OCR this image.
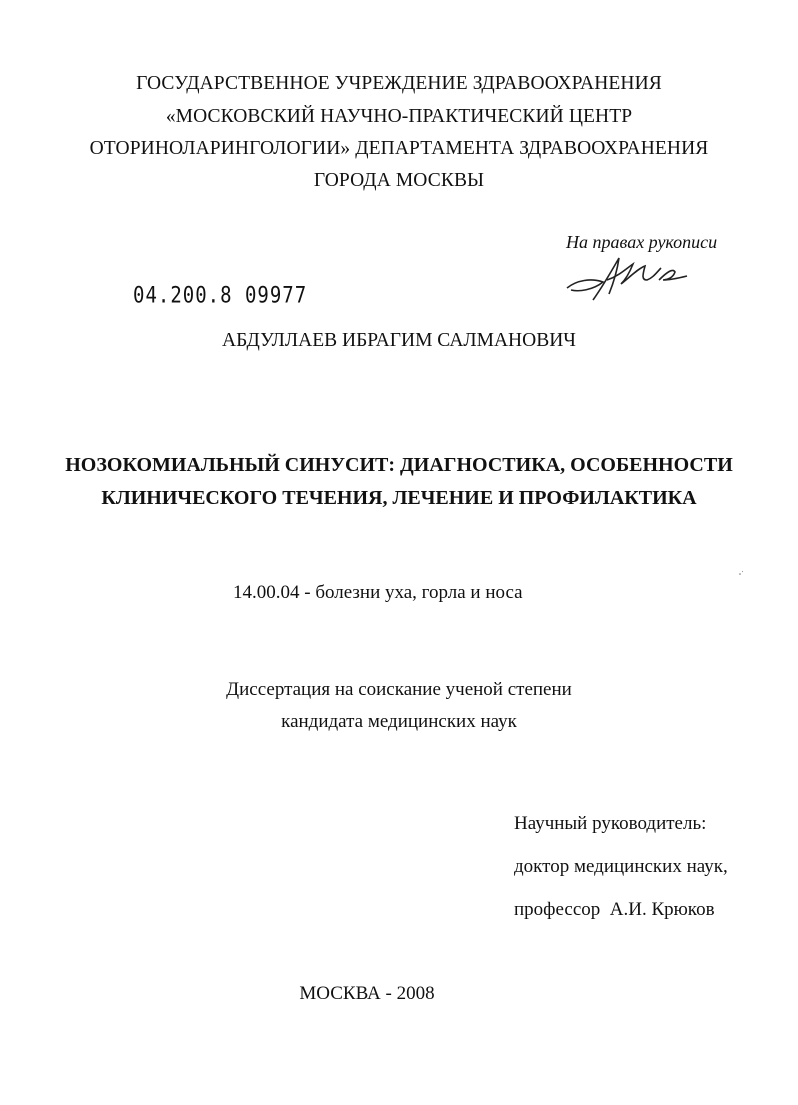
ГОСУДАРСТВЕННОЕ УЧРЕЖДЕНИЕ ЗДРАВООХРАНЕНИЯ
«МОСКОВСКИЙ НАУЧНО-ПРАКТИЧЕСКИЙ ЦЕНТР
ОТОРИНОЛАРИНГОЛОГИИ» ДЕПАРТАМЕНТА ЗДРАВООХРАНЕНИЯ
ГОРОДА МОСКВЫ
На правах рукописи
04.200.8 09977
АБДУЛЛАЕВ ИБРАГИМ САЛМАНОВИЧ
НОЗОКОМИАЛЬНЫЙ СИНУСИТ: ДИАГНОСТИКА, ОСОБЕННОСТИ
КЛИНИЧЕСКОГО ТЕЧЕНИЯ, ЛЕЧЕНИЕ И ПРОФИЛАКТИКА
14.00.04 - болезни уха, горла и носа
Диссертация на соискание ученой степени
кандидата медицинских наук
Научный руководитель:
доктор медицинских наук,
профессор  А.И. Крюков
МОСКВА - 2008
